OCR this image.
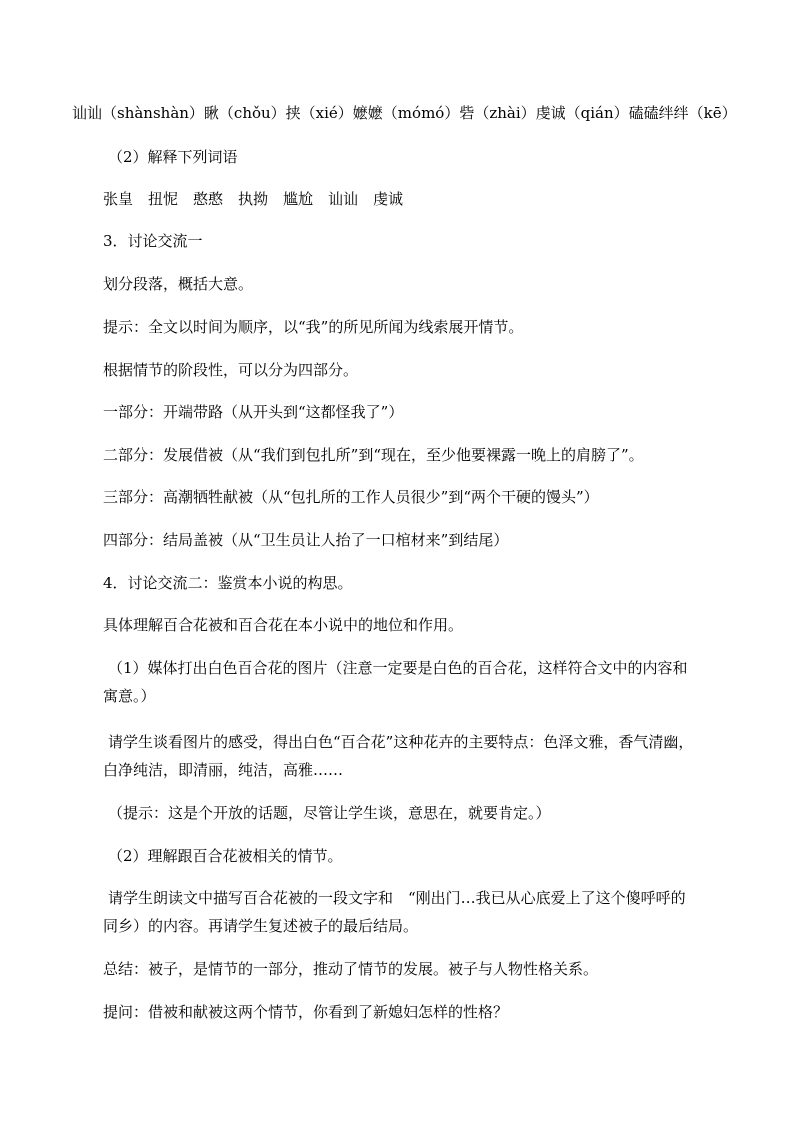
讪讪（shànshàn）瞅（chǒu）挟（xié）嬷嬷（mómó）砦（zhài）虔诚（qián）磕磕绊绊（kē）
（2）解释下列词语
张皇　扭怩　憨憨　执拗　尴尬　讪讪　虔诚
3．讨论交流一
划分段落，概括大意。
提示：全文以时间为顺序，以“我”的所见所闻为线索展开情节。
根据情节的阶段性，可以分为四部分。
一部分：开端带路（从开头到“这都怪我了”）
二部分：发展借被（从“我们到包扎所”到“现在，至少他要裸露一晚上的肩膀了”。
三部分：高潮牺牲献被（从“包扎所的工作人员很少”到“两个干硬的馒头”）
四部分：结局盖被（从“卫生员让人抬了一口棺材来”到结尾）
4．讨论交流二：鉴赏本小说的构思。
具体理解百合花被和百合花在本小说中的地位和作用。
（1）媒体打出白色百合花的图片（注意一定要是白色的百合花，这样符合文中的内容和
寓意。）
请学生谈看图片的感受，得出白色“百合花”这种花卉的主要特点：色泽文雅，香气清幽，
白净纯洁，即清丽，纯洁，高雅……
（提示：这是个开放的话题，尽管让学生谈，意思在，就要肯定。）
（2）理解跟百合花被相关的情节。
请学生朗读文中描写百合花被的一段文字和　“刚出门…我已从心底爱上了这个傻呼呼的
同乡）的内容。再请学生复述被子的最后结局。
总结：被子，是情节的一部分，推动了情节的发展。被子与人物性格关系。
提问：借被和献被这两个情节，你看到了新媳妇怎样的性格？
